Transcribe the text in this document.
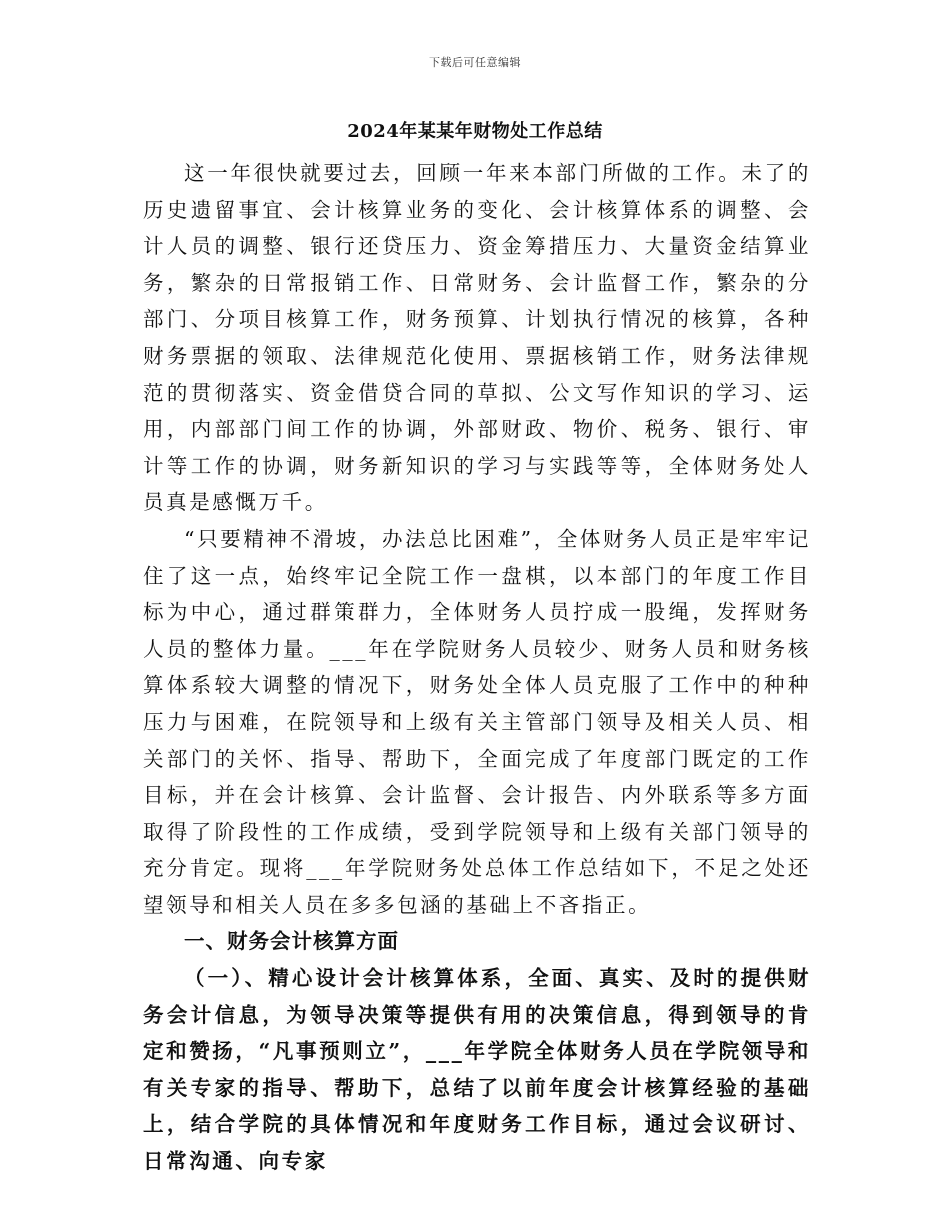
下载后可任意编辑
2024年某某年财物处工作总结

这一年很快就要过去，回顾一年来本部门所做的工作。未了的历史遗留事宜、会计核算业务的变化、会计核算体系的调整、会计人员的调整、银行还贷压力、资金筹措压力、大量资金结算业务，繁杂的日常报销工作、日常财务、会计监督工作，繁杂的分部门、分项目核算工作，财务预算、计划执行情况的核算，各种财务票据的领取、法律规范化使用、票据核销工作，财务法律规范的贯彻落实、资金借贷合同的草拟、公文写作知识的学习、运用，内部部门间工作的协调，外部财政、物价、税务、银行、审计等工作的协调，财务新知识的学习与实践等等，全体财务处人员真是感慨万千。

“只要精神不滑坡，办法总比困难”，全体财务人员正是牢牢记住了这一点，始终牢记全院工作一盘棋，以本部门的年度工作目标为中心，通过群策群力，全体财务人员拧成一股绳，发挥财务人员的整体力量。___年在学院财务人员较少、财务人员和财务核算体系较大调整的情况下，财务处全体人员克服了工作中的种种压力与困难，在院领导和上级有关主管部门领导及相关人员、相关部门的关怀、指导、帮助下，全面完成了年度部门既定的工作目标，并在会计核算、会计监督、会计报告、内外联系等多方面取得了阶段性的工作成绩，受到学院领导和上级有关部门领导的充分肯定。现将___年学院财务处总体工作总结如下，不足之处还望领导和相关人员在多多包涵的基础上不吝指正。

一、财务会计核算方面

（一）、精心设计会计核算体系，全面、真实、及时的提供财务会计信息，为领导决策等提供有用的决策信息，得到领导的肯定和赞扬，“凡事预则立”，___年学院全体财务人员在学院领导和有关专家的指导、帮助下，总结了以前年度会计核算经验的基础上，结合学院的具体情况和年度财务工作目标，通过会议研讨、日常沟通、向专家
